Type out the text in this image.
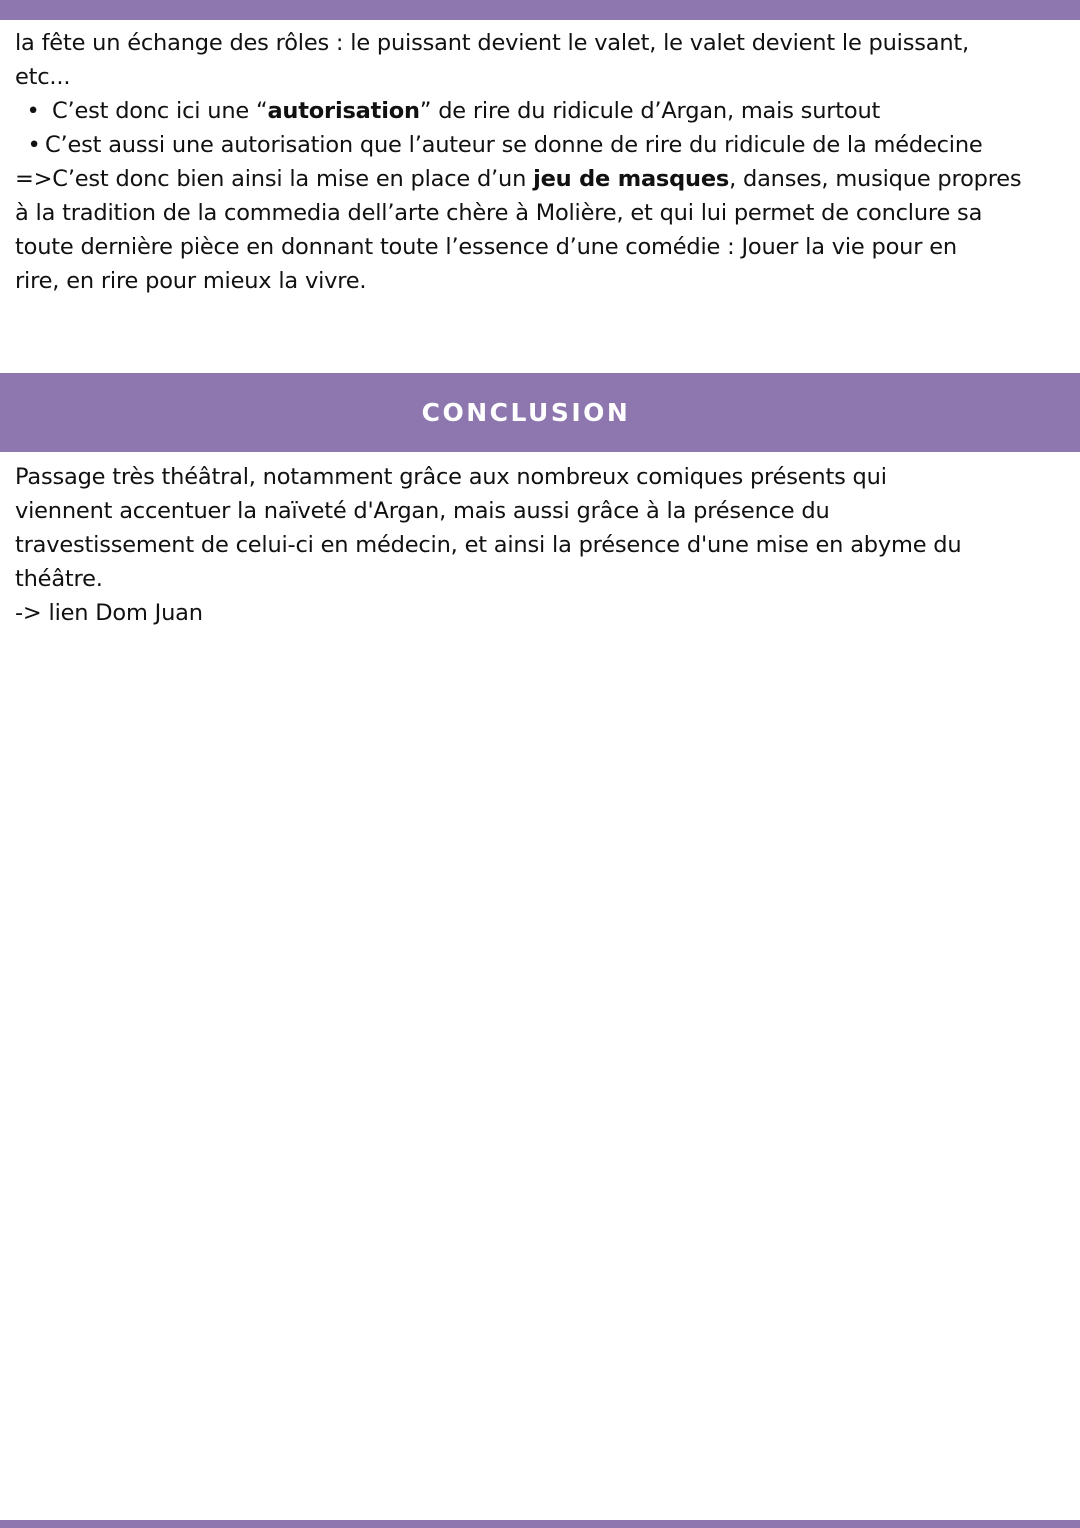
la fête un échange des rôles : le puissant devient le valet, le valet devient le puissant,
etc...
• C’est donc ici une “autorisation” de rire du ridicule d’Argan, mais surtout
• C’est aussi une autorisation que l’auteur se donne de rire du ridicule de la médecine
=>C’est donc bien ainsi la mise en place d’un jeu de masques, danses, musique propres
à la tradition de la commedia dell’arte chère à Molière, et qui lui permet de conclure sa
toute dernière pièce en donnant toute l’essence d’une comédie : Jouer la vie pour en
rire, en rire pour mieux la vivre.
CONCLUSION
Passage très théâtral, notamment grâce aux nombreux comiques présents qui
viennent accentuer la naïveté d'Argan, mais aussi grâce à la présence du
travestissement de celui-ci en médecin, et ainsi la présence d'une mise en abyme du
théâtre.
-> lien Dom Juan
